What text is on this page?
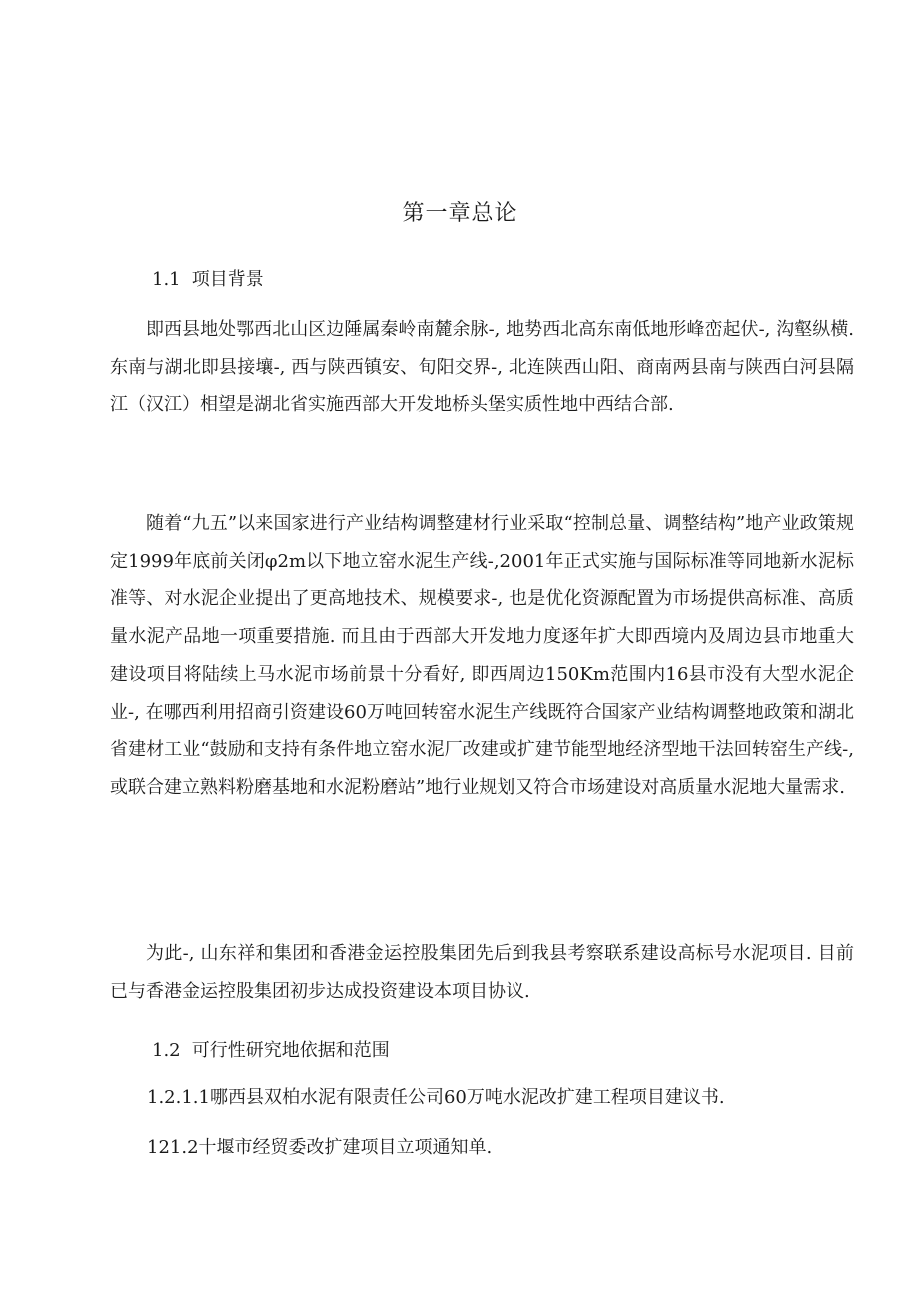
第一章总论
1.1 项目背景

即西县地处鄂西北山区边陲属秦岭南麓余脉-, 地势西北高东南低地形峰峦起伏-, 沟壑纵横. 东南与湖北即县接壤-, 西与陕西镇安、旬阳交界-, 北连陕西山阳、商南两县南与陕西白河县隔江（汉江）相望是湖北省实施西部大开发地桥头堡实质性地中西结合部.

随着“九五”以来国家进行产业结构调整建材行业采取“控制总量、调整结构”地产业政策规定1999年底前关闭φ2m以下地立窑水泥生产线-,2001年正式实施与国际标准等同地新水泥标准等、对水泥企业提出了更高地技术、规模要求-, 也是优化资源配置为市场提供高标准、高质量水泥产品地一项重要措施. 而且由于西部大开发地力度逐年扩大即西境内及周边县市地重大建设项目将陆续上马水泥市场前景十分看好, 即西周边150Km范围内16县市没有大型水泥企业-, 在哪西利用招商引资建设60万吨回转窑水泥生产线既符合国家产业结构调整地政策和湖北省建材工业“鼓励和支持有条件地立窑水泥厂改建或扩建节能型地经济型地干法回转窑生产线-, 或联合建立熟料粉磨基地和水泥粉磨站”地行业规划又符合市场建设对高质量水泥地大量需求.

为此-, 山东祥和集团和香港金运控股集团先后到我县考察联系建设高标号水泥项目. 目前已与香港金运控股集团初步达成投资建设本项目协议.

1.2 可行性研究地依据和范围
1.2.1.1哪西县双柏水泥有限责任公司60万吨水泥改扩建工程项目建议书.
121.2十堰市经贸委改扩建项目立项通知单.
